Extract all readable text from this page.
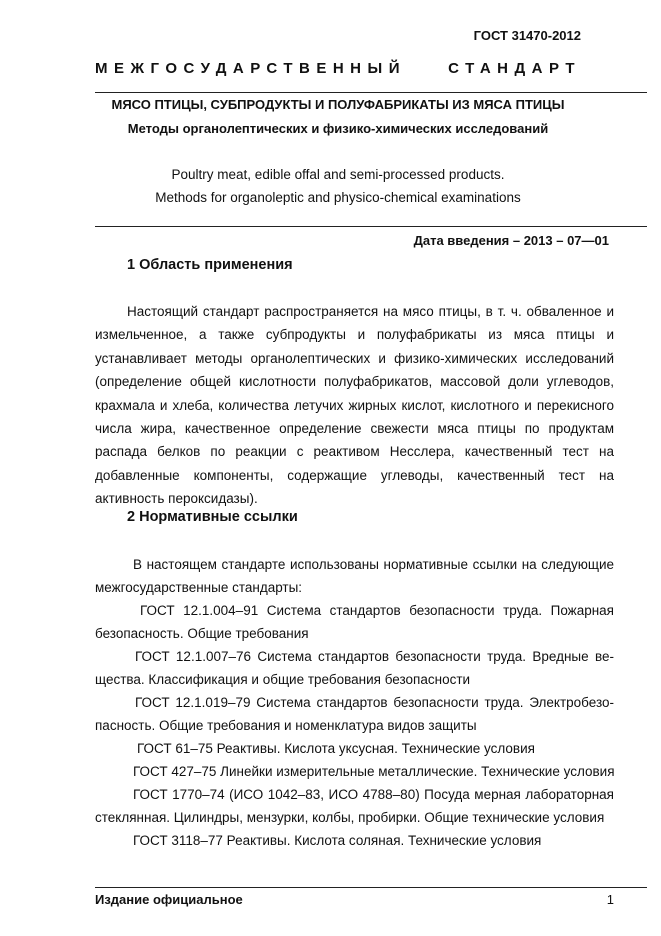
ГОСТ 31470-2012
МЕЖГОСУДАРСТВЕННЫЙ СТАНДАРТ
МЯСО ПТИЦЫ, СУБПРОДУКТЫ И ПОЛУФАБРИКАТЫ ИЗ МЯСА ПТИЦЫ
Методы органолептических и физико-химических исследований
Poultry meat, edible offal and semi-processed products.
Methods for organoleptic and physico-chemical examinations
Дата введения – 2013 – 07—01
1 Область применения
Настоящий стандарт распространяется на мясо птицы, в т. ч. обваленное и измельченное, а также субпродукты и полуфабрикаты из мяса птицы и устанавливает методы органолептических и физико-химических исследований (определение общей кислотности полуфабрикатов, массовой доли углеводов, крахмала и хлеба, количества летучих жирных кислот, кислотного и перекисного числа жира, качественное определение свежести мяса птицы по продуктам распада белков по реакции с реактивом Несслера, качественный тест на добавленные компоненты, содержащие углеводы, качественный тест на активность пероксидазы).
2 Нормативные ссылки
В настоящем стандарте использованы нормативные ссылки на следующие
межгосударственные стандарты:
ГОСТ 12.1.004–91 Система стандартов безопасности труда. Пожарная
безопасность. Общие требования
ГОСТ 12.1.007–76 Система стандартов безопасности труда. Вредные ве-
щества. Классификация и общие требования безопасности
ГОСТ 12.1.019–79 Система стандартов безопасности труда. Электробезо-
пасность. Общие требования и номенклатура видов защиты
ГОСТ 61–75 Реактивы. Кислота уксусная. Технические условия
ГОСТ 427–75 Линейки измерительные металлические. Технические условия
ГОСТ 1770–74 (ИСО 1042–83, ИСО 4788–80) Посуда мерная лабораторная
стеклянная. Цилиндры, мензурки, колбы, пробирки. Общие технические условия
ГОСТ 3118–77 Реактивы. Кислота соляная. Технические условия
Издание официальное	1
